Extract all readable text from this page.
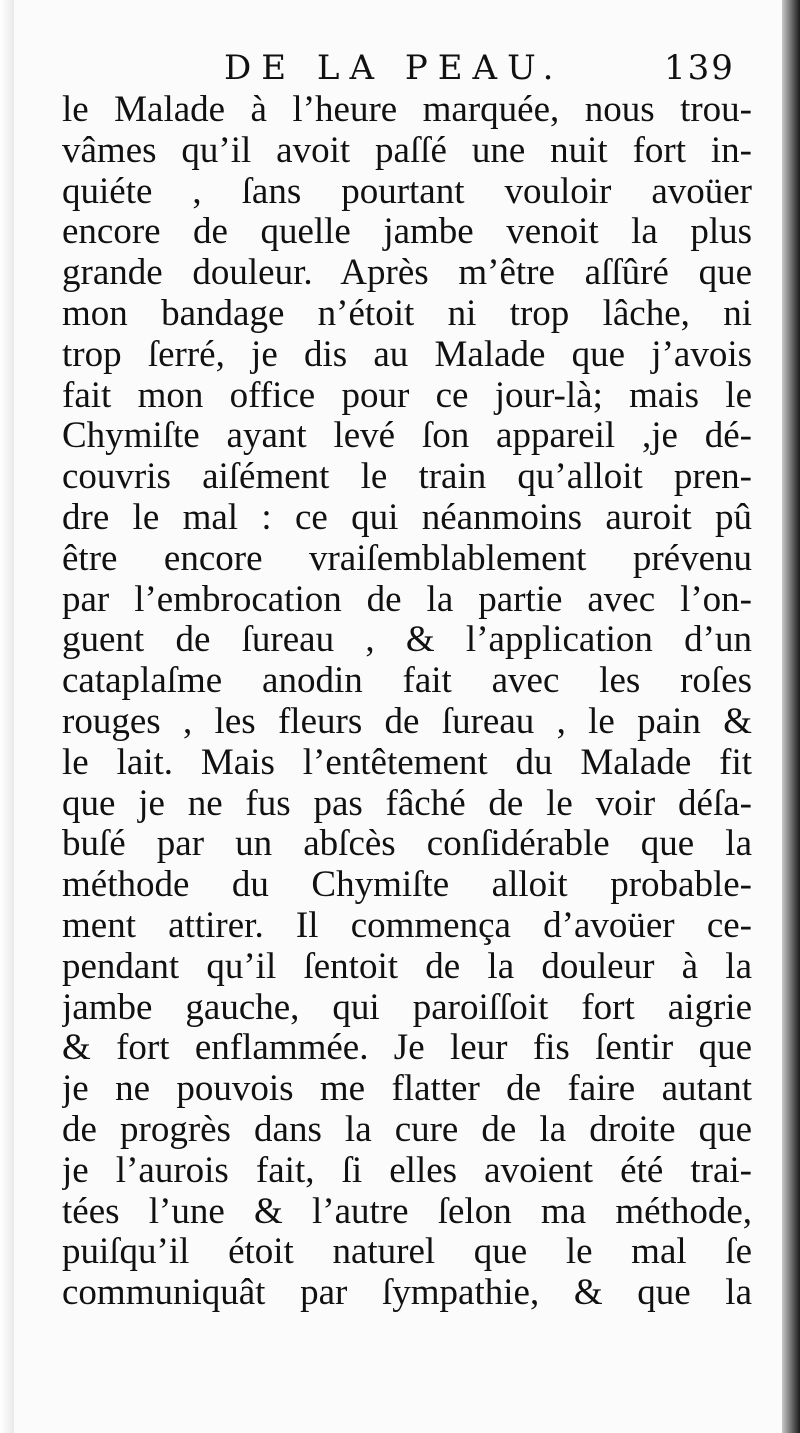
DE LA PEAU.	139
le Malade à l’heure marquée, nous trou-
vâmes qu’il avoit paſſé une nuit fort in-
quiéte , ſans pourtant vouloir avoüer
encore de quelle jambe venoit la plus
grande douleur. Après m’être aſſûré que
mon bandage n’étoit ni trop lâche, ni
trop ſerré, je dis au Malade que j’avois
fait mon office pour ce jour-là; mais le
Chymiſte ayant levé ſon appareil ,je dé-
couvris aiſément le train qu’alloit pren-
dre le mal : ce qui néanmoins auroit pû
être encore vraiſemblablement prévenu
par l’embrocation de la partie avec l’on-
guent de ſureau , & l’application d’un
cataplaſme anodin fait avec les roſes
rouges , les fleurs de ſureau , le pain &
le lait. Mais l’entêtement du Malade fit
que je ne fus pas fâché de le voir déſa-
buſé par un abſcès conſidérable que la
méthode du Chymiſte alloit probable-
ment attirer. Il commença d’avoüer ce-
pendant qu’il ſentoit de la douleur à la
jambe gauche, qui paroiſſoit fort aigrie
& fort enflammée. Je leur fis ſentir que
je ne pouvois me flatter de faire autant
de progrès dans la cure de la droite que
je l’aurois fait, ſi elles avoient été trai-
tées l’une & l’autre ſelon ma méthode,
puiſqu’il étoit naturel que le mal ſe
communiquât par ſympathie, & que la
